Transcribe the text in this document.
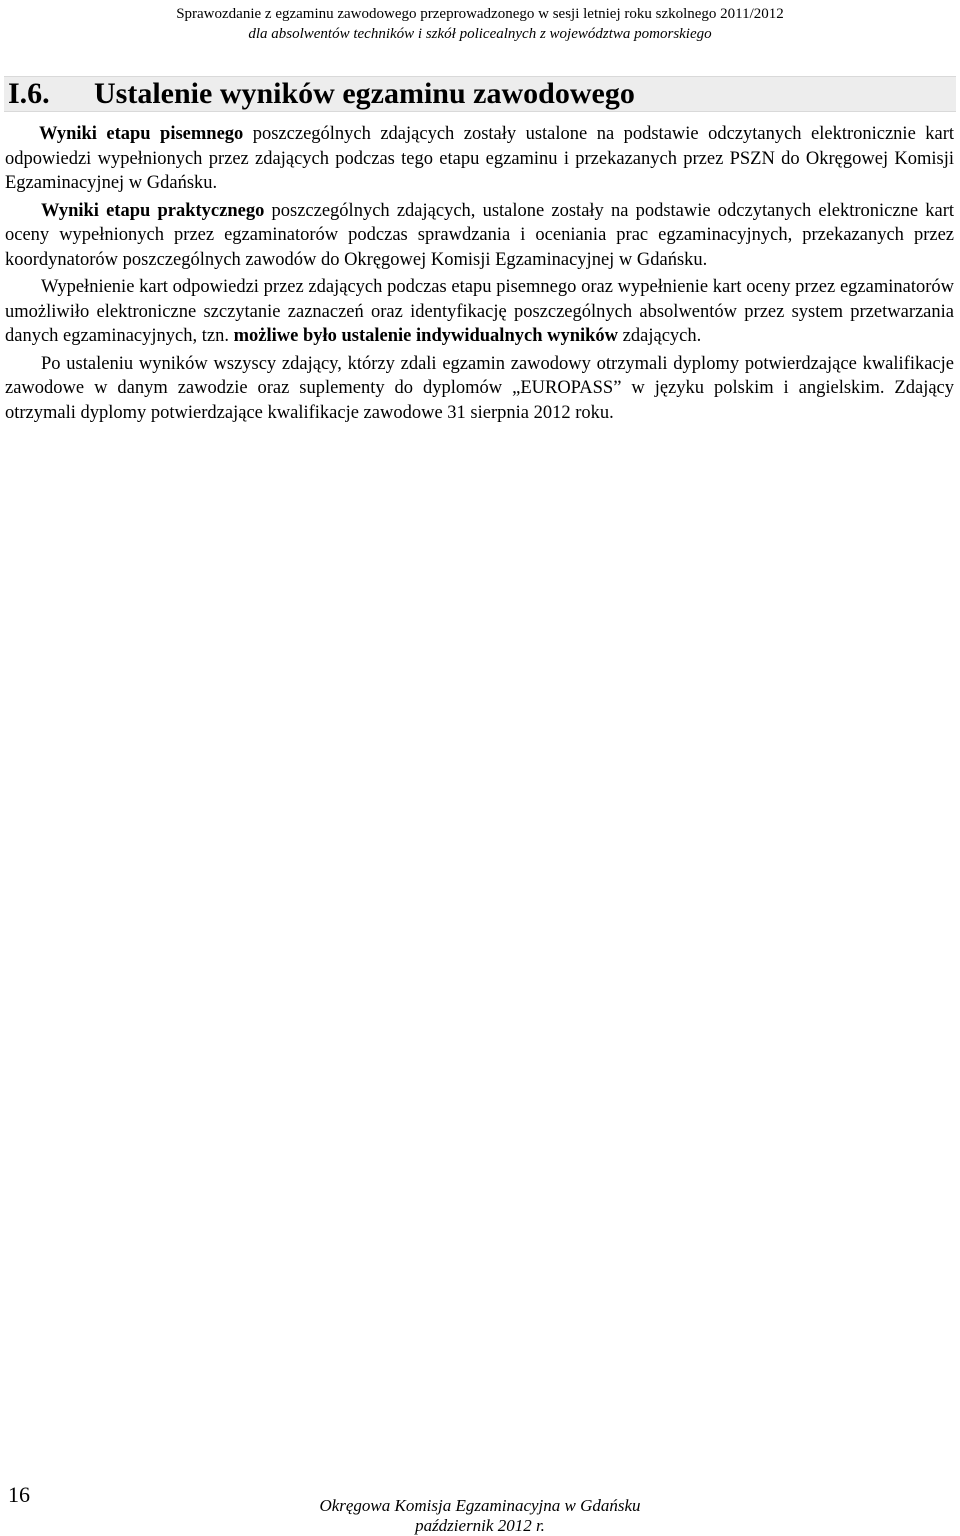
Sprawozdanie z egzaminu zawodowego przeprowadzonego w sesji letniej roku szkolnego 2011/2012
dla absolwentów techników i szkół policealnych z województwa pomorskiego
I.6.	Ustalenie wyników egzaminu zawodowego

Wyniki etapu pisemnego poszczególnych zdających zostały ustalone na podstawie odczytanych elektronicznie kart odpowiedzi wypełnionych przez zdających podczas tego etapu egzaminu i przekazanych przez PSZN do Okręgowej Komisji Egzaminacyjnej w Gdańsku.

Wyniki etapu praktycznego poszczególnych zdających, ustalone zostały na podstawie odczytanych elektroniczne kart oceny wypełnionych przez egzaminatorów podczas sprawdzania i oceniania prac egzaminacyjnych, przekazanych przez koordynatorów poszczególnych zawodów do Okręgowej Komisji Egzaminacyjnej w Gdańsku.

Wypełnienie kart odpowiedzi przez zdających podczas etapu pisemnego oraz wypełnienie kart oceny przez egzaminatorów umożliwiło elektroniczne szczytanie zaznaczeń oraz identyfikację poszczególnych absolwentów przez system przetwarzania danych egzaminacyjnych, tzn. możliwe było ustalenie indywidualnych wyników zdających.

Po ustaleniu wyników wszyscy zdający, którzy zdali egzamin zawodowy otrzymali dyplomy potwierdzające kwalifikacje zawodowe w danym zawodzie oraz suplementy do dyplomów „EUROPASS” w języku polskim i angielskim. Zdający otrzymali dyplomy potwierdzające kwalifikacje zawodowe 31 sierpnia 2012 roku.

16	Okręgowa Komisja Egzaminacyjna w Gdańsku
październik 2012 r.
